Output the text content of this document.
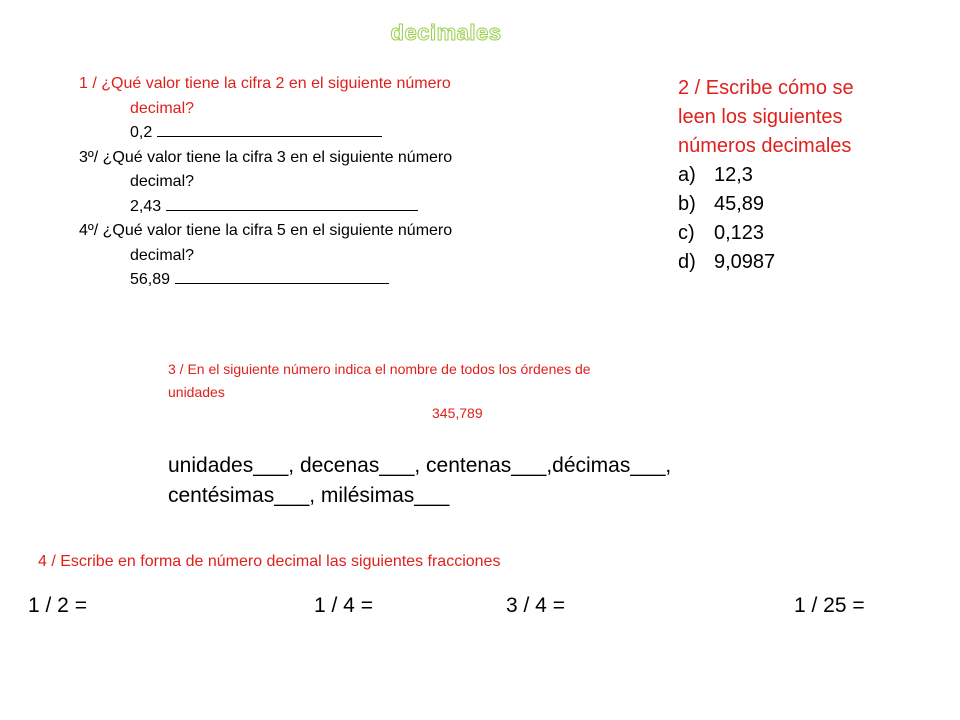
decimales
1 / ¿Qué valor tiene la cifra 2 en el siguiente número
decimal?
0,2
3º/ ¿Qué valor tiene la cifra 3 en el siguiente número
decimal?
2,43
4º/ ¿Qué valor tiene la cifra 5 en el siguiente número
decimal?
56,89
2 / Escribe cómo se
leen los siguientes
números decimales
a) 12,3
b) 45,89
c) 0,123
d) 9,0987
3 / En el siguiente número indica el nombre de todos los órdenes de
unidades
345,789
unidades___, decenas___, centenas___,décimas___,
centésimas___, milésimas___
4 / Escribe en forma de número decimal las siguientes fracciones
1 / 2 =	1 / 4 =	3 / 4 =	1 / 25 =
